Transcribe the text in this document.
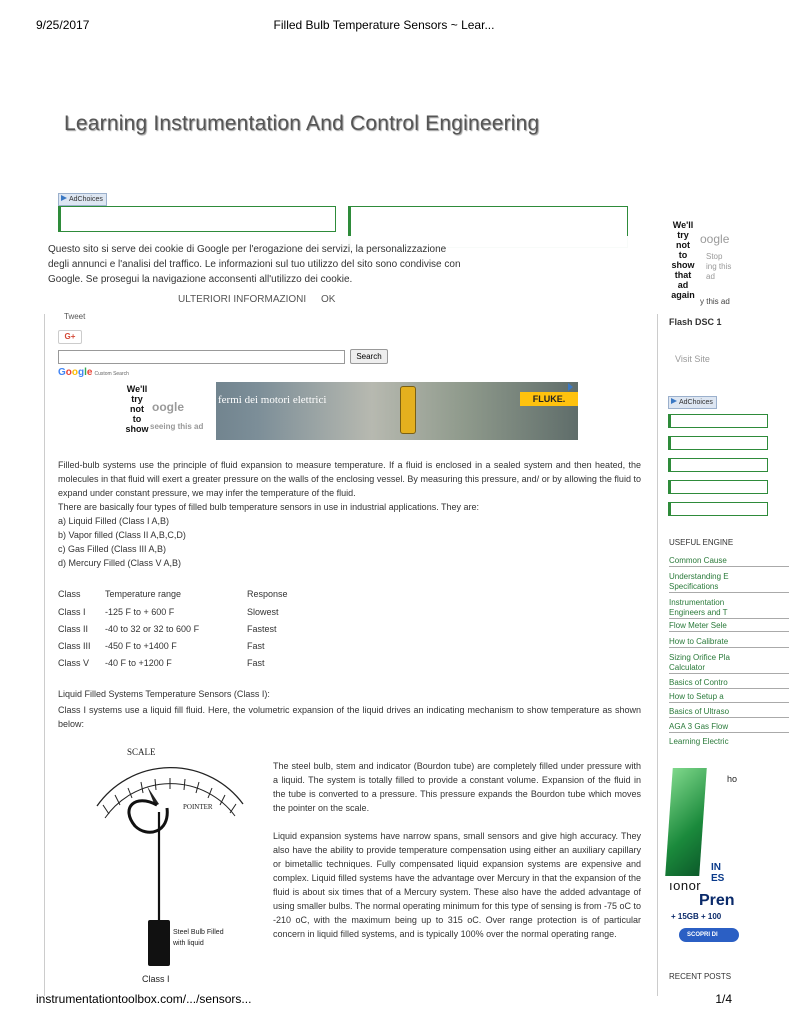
9/25/2017	Filled Bulb Temperature Sensors ~ Lear...
Learning Instrumentation And Control Engineering
AdChoices
Questo sito si serve dei cookie di Google per l'erogazione dei servizi, la personalizzazione degli annunci e l'analisi del traffico. Le informazioni sul tuo utilizzo del sito sono condivise con Google. Se prosegui la navigazione acconsenti all'utilizzo dei cookie.
ULTERIORI INFORMAZIONI OK
Tweet
G+
Search
Google Custom Search
fermi dei motori elettrici	FLUKE.
We'll
try
not
to
show
oogle
seeing this ad
Filled-bulb systems use the principle of fluid expansion to measure temperature. If a fluid is enclosed in a sealed system and then heated, the molecules in that fluid will exert a greater pressure on the walls of the enclosing vessel. By measuring this pressure, and/ or by allowing the fluid to expand under constant pressure, we may infer the temperature of the fluid.
There are basically four types of filled bulb temperature sensors in use in industrial applications. They are:
a) Liquid Filled (Class I A,B)
b) Vapor filled (Class II A,B,C,D)
c) Gas Filled (Class III A,B)
d) Mercury Filled (Class V A,B)
Class	Temperature range	Response
Class I	-125 F to + 600 F	Slowest
Class II	-40 to 32 or 32 to 600 F	Fastest
Class III	-450 F to +1400 F	Fast
Class V	-40 F to +1200 F	Fast
Liquid Filled Systems Temperature Sensors (Class I):
Class I systems use a liquid fill fluid. Here, the volumetric expansion of the liquid drives an indicating mechanism to show temperature as shown below:
SCALE
POINTER
Steel Bulb Filled
with liquid
Class I
The steel bulb, stem and indicator (Bourdon tube) are completely filled under pressure with a liquid. The system is totally filled to provide a constant volume. Expansion of the fluid in the tube is converted to a pressure. This pressure expands the Bourdon tube which moves the pointer on the scale.
Liquid expansion systems have narrow spans, small sensors and give high accuracy. They also have the ability to provide temperature compensation using either an auxiliary capillary or bimetallic techniques. Fully compensated liquid expansion systems are expensive and complex. Liquid filled systems have the advantage over Mercury in that the expansion of the fluid is about six times that of a Mercury system. These also have the added advantage of using smaller bulbs. The normal operating minimum for this type of sensing is from -75 oC to -210 oC, with the maximum being up to 315 oC. Over range protection is of particular concern in liquid filled systems, and is typically 100% over the normal operating range.
We'll
try
not
to
show
that
ad
again
oogle
Stop
ing this
ad
y this ad
Flash DSC 1
Visit Site
AdChoices
USEFUL ENGINE
Common Cause
Understanding E
Specifications
Instrumentation
Engineers and T
Flow Meter Sele
How to Calibrate
Sizing Orifice Pla
Calculator
Basics of Contro
How to Setup a
Basics of Ultraso
AGA 3 Gas Flow
Learning Electric
ho
IN ES
ıonor
Pren
+ 15GB + 100
SCOPRI DI
RECENT POSTS
instrumentationtoolbox.com/.../sensors...	1/4
